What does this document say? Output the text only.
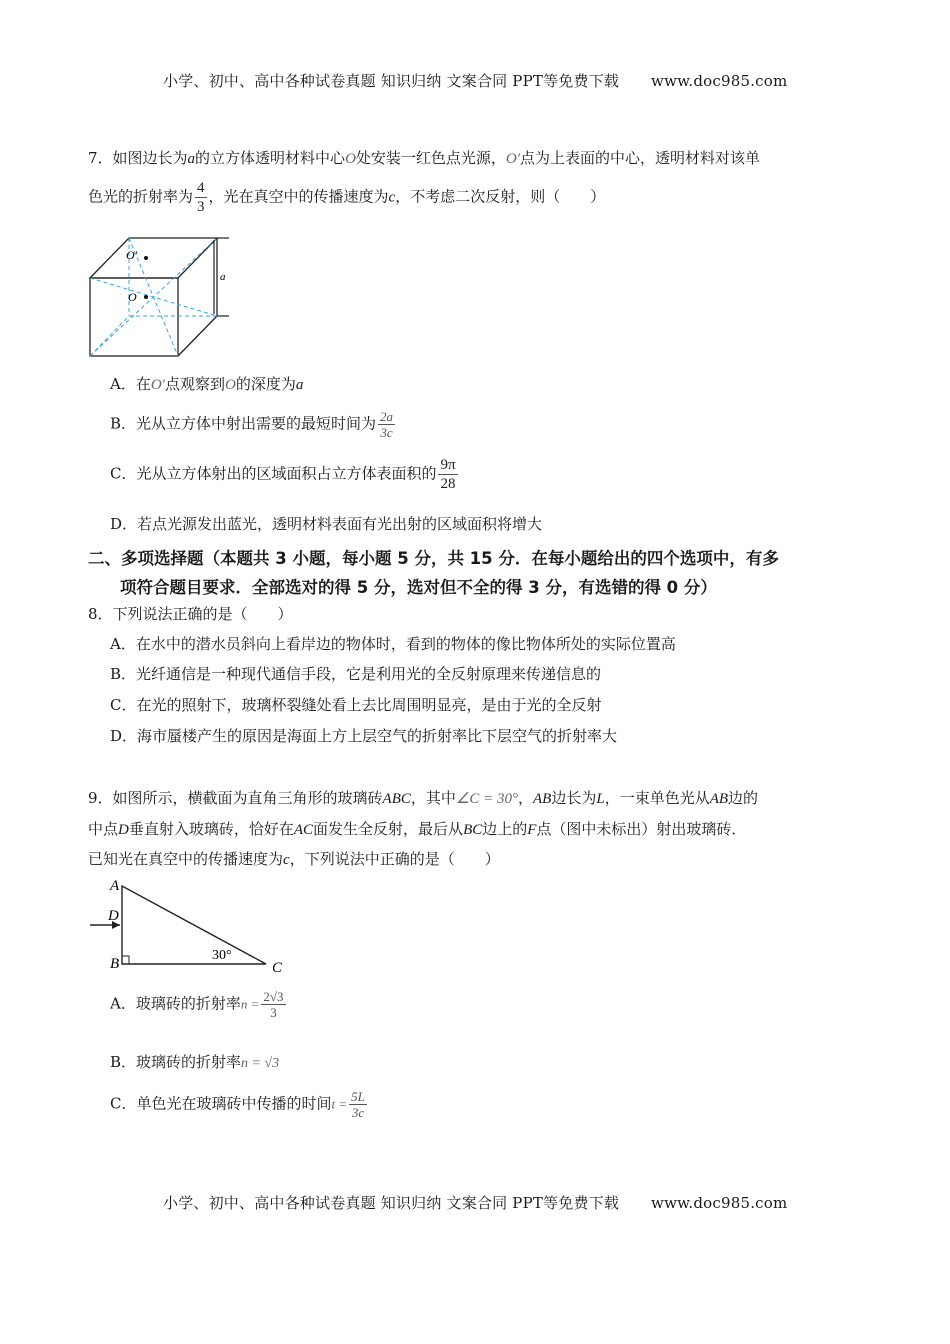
小学、初中、高中各种试卷真题 知识归纳 文案合同 PPT等免费下载 www.doc985.com
7．如图边长为a的立方体透明材料中心O处安装一红色点光源，O′点为上表面的中心，透明材料对该单
色光的折射率为 $\frac{4}{3}$ ，光在真空中的传播速度为c，不考虑二次反射，则（　　）
O′
O
a
A．在O′点观察到O的深度为a
B．光从立方体中射出需要的最短时间为 $\frac{2a}{3c}$
C．光从立方体射出的区域面积占立方体表面积的 $\frac{9\pi}{28}$
D．若点光源发出蓝光，透明材料表面有光出射的区域面积将增大
二、多项选择题（本题共 3 小题，每小题 5 分，共 15 分．在每小题给出的四个选项中，有多
项符合题目要求．全部选对的得 5 分，选对但不全的得 3 分，有选错的得 0 分）
8．下列说法正确的是（　　）
A．在水中的潜水员斜向上看岸边的物体时，看到的物体的像比物体所处的实际位置高
B．光纤通信是一种现代通信手段，它是利用光的全反射原理来传递信息的
C．在光的照射下，玻璃杯裂缝处看上去比周围明显亮，是由于光的全反射
D．海市蜃楼产生的原因是海面上方上层空气的折射率比下层空气的折射率大
9．如图所示，横截面为直角三角形的玻璃砖ABC，其中∠C = 30°，AB边长为L，一束单色光从AB边的
中点D垂直射入玻璃砖，恰好在AC面发生全反射，最后从BC边上的F点（图中未标出）射出玻璃砖．
已知光在真空中的传播速度为c，下列说法中正确的是（　　）
A
D
B	C
30°
A．玻璃砖的折射率$n = \frac{2√3}{3}$
B．玻璃砖的折射率n = √3
C．单色光在玻璃砖中传播的时间$t = \frac{5L}{3c}$
小学、初中、高中各种试卷真题 知识归纳 文案合同 PPT等免费下载 www.doc985.com
